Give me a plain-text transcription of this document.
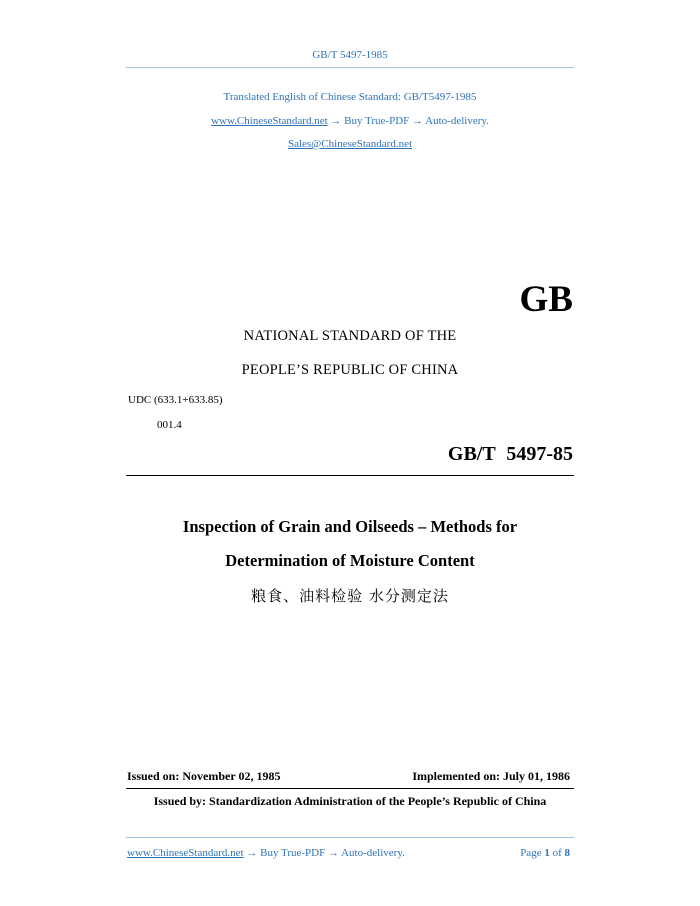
GB/T 5497-1985
Translated English of Chinese Standard: GB/T5497-1985
www.ChineseStandard.net → Buy True-PDF → Auto-delivery.
Sales@ChineseStandard.net
GB
NATIONAL STANDARD OF THE
PEOPLE’S REPUBLIC OF CHINA
UDC (633.1+633.85)
001.4
GB/T 5497-85
Inspection of Grain and Oilseeds – Methods for
Determination of Moisture Content
粮食、油料检验 水分测定法
Issued on: November 02, 1985	Implemented on: July 01, 1986
Issued by: Standardization Administration of the People’s Republic of China
www.ChineseStandard.net → Buy True-PDF → Auto-delivery.	Page 1 of 8
